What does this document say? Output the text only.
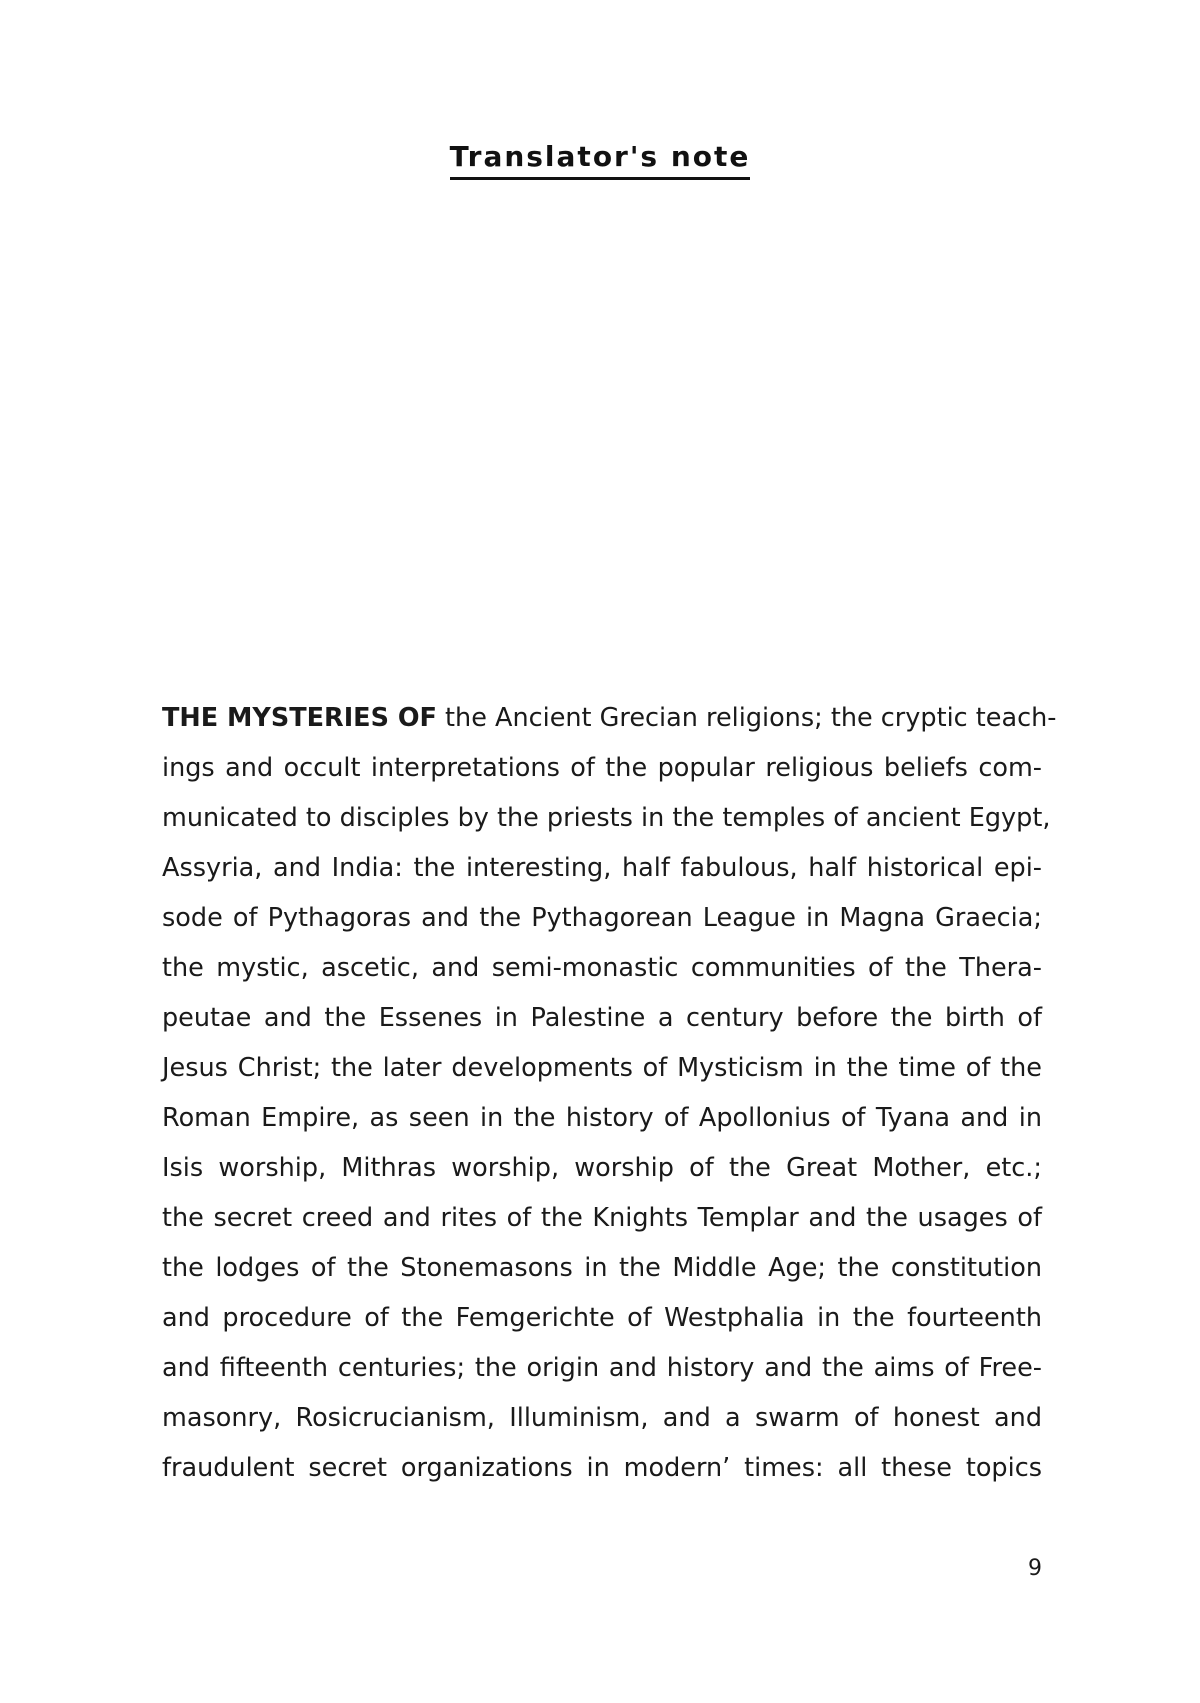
Translator's note
THE MYSTERIES OF the Ancient Grecian religions; the cryptic teach-
ings and occult interpretations of the popular religious beliefs com-
municated to disciples by the priests in the temples of ancient Egypt,
Assyria, and India: the interesting, half fabulous, half historical epi-
sode of Pythagoras and the Pythagorean League in Magna Graecia;
the mystic, ascetic, and semi-monastic communities of the Thera-
peutae and the Essenes in Palestine a century before the birth of
Jesus Christ; the later developments of Mysticism in the time of the
Roman Empire, as seen in the history of Apollonius of Tyana and in
Isis worship, Mithras worship, worship of the Great Mother, etc.;
the secret creed and rites of the Knights Templar and the usages of
the lodges of the Stonemasons in the Middle Age; the constitution
and procedure of the Femgerichte of Westphalia in the fourteenth
and fifteenth centuries; the origin and history and the aims of Free-
masonry, Rosicrucianism, Illuminism, and a swarm of honest and
fraudulent secret organizations in modern’ times: all these topics
9
